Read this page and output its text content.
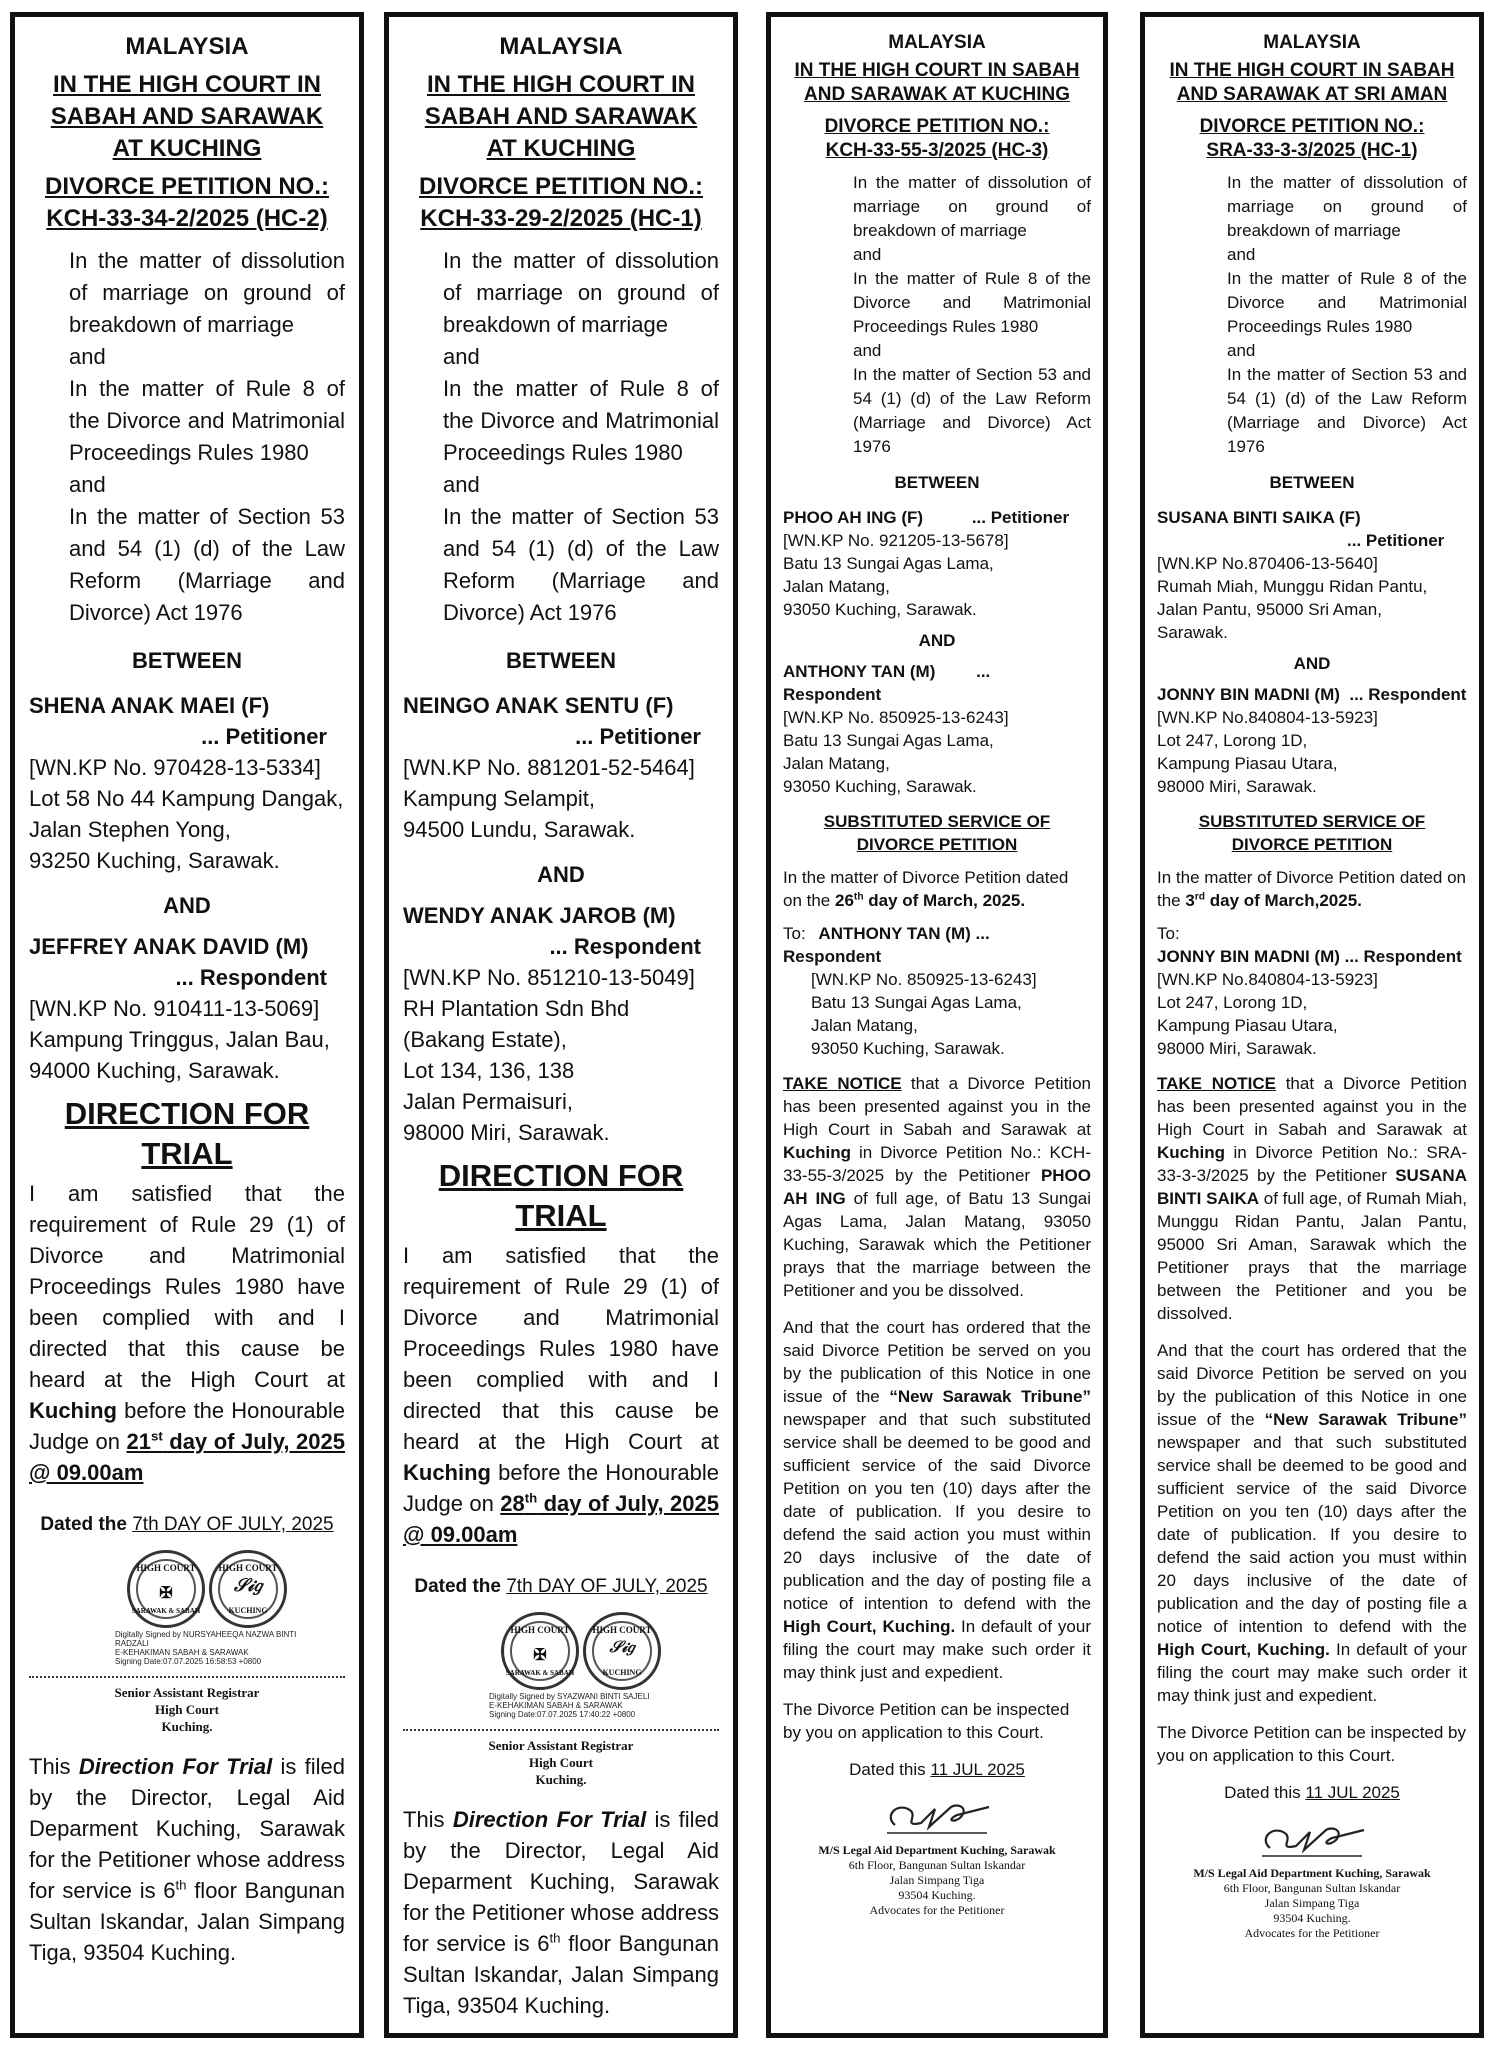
MALAYSIA
IN THE HIGH COURT IN
SABAH AND SARAWAK
AT KUCHING
DIVORCE PETITION NO.:
KCH-33-34-2/2025 (HC-2)
In the matter of dissolution of marriage on ground of breakdown of marriage
and
In the matter of Rule 8 of the Divorce and Matrimonial Proceedings Rules 1980
and
In the matter of Section 53 and 54 (1) (d) of the Law Reform (Marriage and Divorce) Act 1976
BETWEEN
SHENA ANAK MAEI (F)
... Petitioner
[WN.KP No. 970428-13-5334]
Lot 58 No 44 Kampung Dangak,
Jalan Stephen Yong,
93250 Kuching, Sarawak.
AND
JEFFREY ANAK DAVID (M)
... Respondent
[WN.KP No. 910411-13-5069]
Kampung Tringgus, Jalan Bau,
94000 Kuching, Sarawak.
DIRECTION FOR TRIAL
I am satisfied that the requirement of Rule 29 (1) of Divorce and Matrimonial Proceedings Rules 1980 have been complied with and I directed that this cause be heard at the High Court at Kuching before the Honourable Judge on 21st day of July, 2025 @ 09.00am
Dated the 7th DAY OF JULY, 2025
HIGH COURT
✠
SARAWAK & SABAH
HIGH COURT
𝒮𝒾𝑔
KUCHING
Digitally Signed by NURSYAHEEQA NAZWA BINTI
RADZALI
E-KEHAKIMAN SABAH & SARAWAK
Signing Date:07.07.2025 16:58:53 +0800
Senior Assistant Registrar
High Court
Kuching.
This Direction For Trial is filed by the Director, Legal Aid Deparment Kuching, Sarawak for the Petitioner whose address for service is 6th floor Bangunan Sultan Iskandar, Jalan Simpang Tiga, 93504 Kuching.
MALAYSIA
IN THE HIGH COURT IN
SABAH AND SARAWAK
AT KUCHING
DIVORCE PETITION NO.:
KCH-33-29-2/2025 (HC-1)
In the matter of dissolution of marriage on ground of breakdown of marriage
and
In the matter of Rule 8 of the Divorce and Matrimonial Proceedings Rules 1980
and
In the matter of Section 53 and 54 (1) (d) of the Law Reform (Marriage and Divorce) Act 1976
BETWEEN
NEINGO ANAK SENTU (F)
... Petitioner
[WN.KP No. 881201-52-5464]
Kampung Selampit,
94500 Lundu, Sarawak.
AND
WENDY ANAK JAROB (M)
... Respondent
[WN.KP No. 851210-13-5049]
RH Plantation Sdn Bhd
(Bakang Estate),
Lot 134, 136, 138
Jalan Permaisuri,
98000 Miri, Sarawak.
DIRECTION FOR TRIAL
I am satisfied that the requirement of Rule 29 (1) of Divorce and Matrimonial Proceedings Rules 1980 have been complied with and I directed that this cause be heard at the High Court at Kuching before the Honourable Judge on 28th day of July, 2025 @ 09.00am
Dated the 7th DAY OF JULY, 2025
HIGH COURT
✠
SARAWAK & SABAH
HIGH COURT
𝒮𝒾𝑔
KUCHING
Digitally Signed by SYAZWANI BINTI SAJELI
E-KEHAKIMAN SABAH & SARAWAK
Signing Date:07.07.2025 17:40:22 +0800
Senior Assistant Registrar
High Court
Kuching.
This Direction For Trial is filed by the Director, Legal Aid Deparment Kuching, Sarawak for the Petitioner whose address for service is 6th floor Bangunan Sultan Iskandar, Jalan Simpang Tiga, 93504 Kuching.
MALAYSIA
IN THE HIGH COURT IN SABAH
AND SARAWAK AT KUCHING
DIVORCE PETITION NO.:
KCH-33-55-3/2025 (HC-3)
In the matter of dissolution of marriage on ground of breakdown of marriage
and
In the matter of Rule 8 of the Divorce and Matrimonial Proceedings Rules 1980
and
In the matter of Section 53 and 54 (1) (d) of the Law Reform (Marriage and Divorce) Act 1976
BETWEEN
PHOO AH ING (F)	... Petitioner
[WN.KP No. 921205-13-5678]
Batu 13 Sungai Agas Lama,
Jalan Matang,
93050 Kuching, Sarawak.
AND
ANTHONY TAN (M) ... Respondent
[WN.KP No. 850925-13-6243]
Batu 13 Sungai Agas Lama,
Jalan Matang,
93050 Kuching, Sarawak.
SUBSTITUTED SERVICE OF
DIVORCE PETITION
In the matter of Divorce Petition dated on the 26th day of March, 2025.
To: ANTHONY TAN (M) ... Respondent
[WN.KP No. 850925-13-6243]
Batu 13 Sungai Agas Lama,
Jalan Matang,
93050 Kuching, Sarawak.
TAKE NOTICE that a Divorce Petition has been presented against you in the High Court in Sabah and Sarawak at Kuching in Divorce Petition No.: KCH-33-55-3/2025 by the Petitioner PHOO AH ING of full age, of Batu 13 Sungai Agas Lama, Jalan Matang, 93050 Kuching, Sarawak which the Petitioner prays that the marriage between the Petitioner and you be dissolved.
And that the court has ordered that the said Divorce Petition be served on you by the publication of this Notice in one issue of the “New Sarawak Tribune” newspaper and that such substituted service shall be deemed to be good and sufficient service of the said Divorce Petition on you ten (10) days after the date of publication. If you desire to defend the said action you must within 20 days inclusive of the date of publication and the day of posting file a notice of intention to defend with the High Court, Kuching. In default of your filing the court may make such order it may think just and expedient.
The Divorce Petition can be inspected by you on application to this Court.
Dated this 11 JUL 2025
M/S Legal Aid Department Kuching, Sarawak
6th Floor, Bangunan Sultan Iskandar
Jalan Simpang Tiga
93504 Kuching.
Advocates for the Petitioner
MALAYSIA
IN THE HIGH COURT IN SABAH
AND SARAWAK AT SRI AMAN
DIVORCE PETITION NO.:
SRA-33-3-3/2025 (HC-1)
In the matter of dissolution of marriage on ground of breakdown of marriage
and
In the matter of Rule 8 of the Divorce and Matrimonial Proceedings Rules 1980
and
In the matter of Section 53 and 54 (1) (d) of the Law Reform (Marriage and Divorce) Act 1976
BETWEEN
SUSANA BINTI SAIKA (F)
... Petitioner
[WN.KP No.870406-13-5640]
Rumah Miah, Munggu Ridan Pantu,
Jalan Pantu, 95000 Sri Aman,
Sarawak.
AND
JONNY BIN MADNI (M)  ... Respondent
[WN.KP No.840804-13-5923]
Lot 247, Lorong 1D,
Kampung Piasau Utara,
98000 Miri, Sarawak.
SUBSTITUTED SERVICE OF
DIVORCE PETITION
In the matter of Divorce Petition dated on the 3rd day of March,2025.
To:
JONNY BIN MADNI (M) ... Respondent
[WN.KP No.840804-13-5923]
Lot 247, Lorong 1D,
Kampung Piasau Utara,
98000 Miri, Sarawak.
TAKE NOTICE that a Divorce Petition has been presented against you in the High Court in Sabah and Sarawak at Kuching in Divorce Petition No.: SRA-33-3-3/2025 by the Petitioner SUSANA BINTI SAIKA of full age, of Rumah Miah, Munggu Ridan Pantu, Jalan Pantu, 95000 Sri Aman, Sarawak which the Petitioner prays that the marriage between the Petitioner and you be dissolved.
And that the court has ordered that the said Divorce Petition be served on you by the publication of this Notice in one issue of the “New Sarawak Tribune” newspaper and that such substituted service shall be deemed to be good and sufficient service of the said Divorce Petition on you ten (10) days after the date of publication. If you desire to defend the said action you must within 20 days inclusive of the date of publication and the day of posting file a notice of intention to defend with the High Court, Kuching. In default of your filing the court may make such order it may think just and expedient.
The Divorce Petition can be inspected by you on application to this Court.
Dated this 11 JUL 2025
M/S Legal Aid Department Kuching, Sarawak
6th Floor, Bangunan Sultan Iskandar
Jalan Simpang Tiga
93504 Kuching.
Advocates for the Petitioner
